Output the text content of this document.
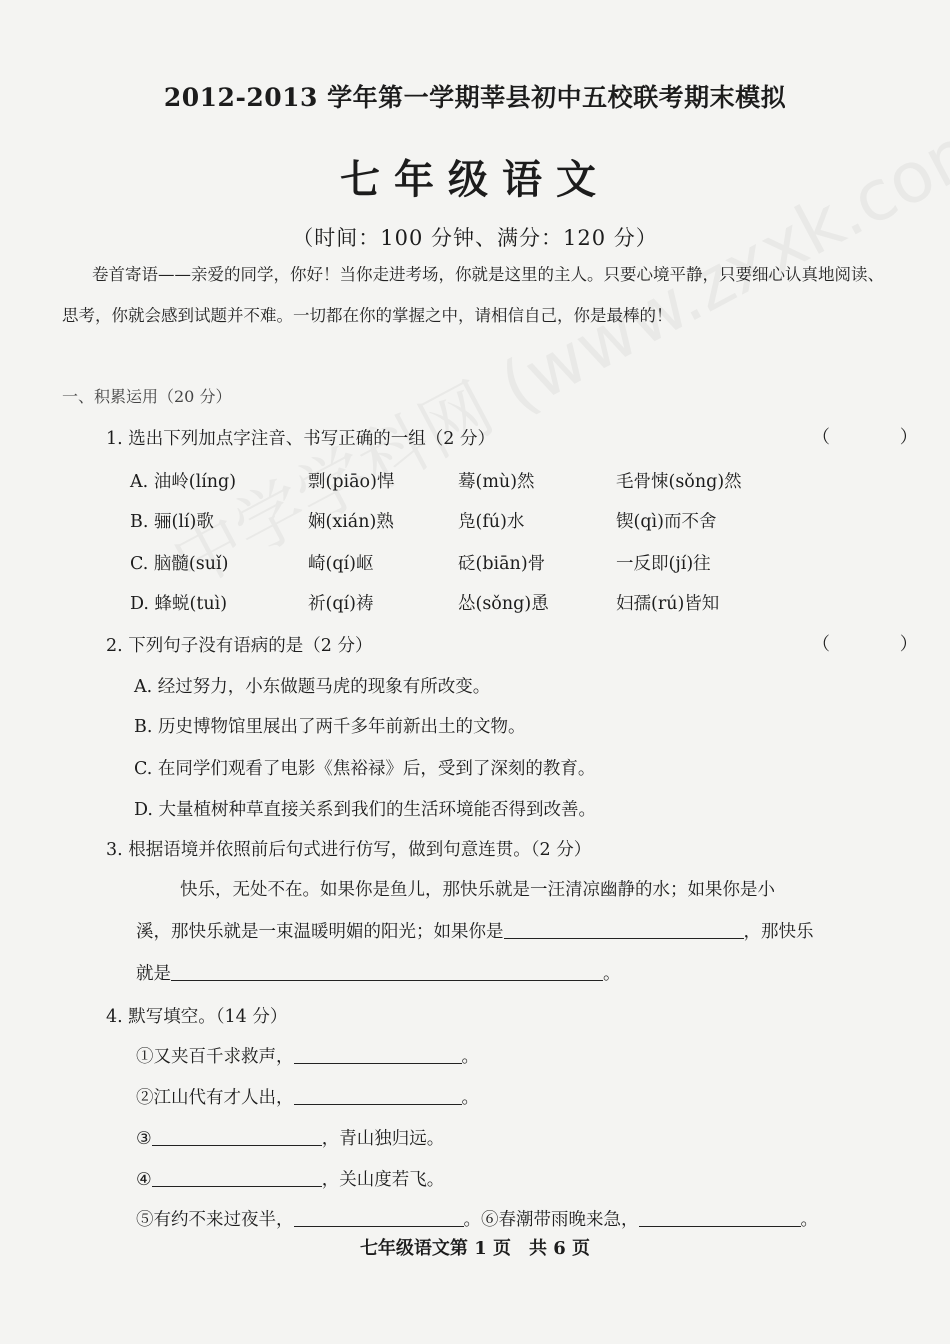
2012-2013 学年第一学期莘县初中五校联考期末模拟
七年级语文
（时间：100 分钟、满分：120 分）
卷首寄语——亲爱的同学，你好！当你走进考场，你就是这里的主人。只要心境平静，只要细心认真地阅读、思考，你就会感到试题并不难。一切都在你的掌握之中，请相信自己，你是最棒的！
一、积累运用（20 分）
1. 选出下列加点字注音、书写正确的一组（2 分）	（ ）
A. 油岭(líng)	剽(piāo)悍	蓦(mù)然	毛骨悚(sǒng)然
B. 骊(lí)歌	娴(xián)熟	凫(fú)水	锲(qì)而不舍
C. 脑髓(suǐ)	崎(qí)岖	砭(biān)骨	一反即(jí)往
D. 蜂蜕(tuì)	祈(qí)祷	怂(sǒng)恿	妇孺(rú)皆知
2. 下列句子没有语病的是（2 分）	（ ）
A. 经过努力，小东做题马虎的现象有所改变。
B. 历史博物馆里展出了两千多年前新出土的文物。
C. 在同学们观看了电影《焦裕禄》后，受到了深刻的教育。
D. 大量植树种草直接关系到我们的生活环境能否得到改善。
3. 根据语境并依照前后句式进行仿写，做到句意连贯。（2 分）
快乐，无处不在。如果你是鱼儿，那快乐就是一汪清凉幽静的水；如果你是小
溪，那快乐就是一束温暖明媚的阳光；如果你是	，那快乐
就是	。
4. 默写填空。（14 分）
①又夹百千求救声，	。
②江山代有才人出，	。
③	，青山独归远。
④	，关山度若飞。
⑤有约不来过夜半，	。⑥春潮带雨晚来急，	。
七年级语文第 1 页　共 6 页
